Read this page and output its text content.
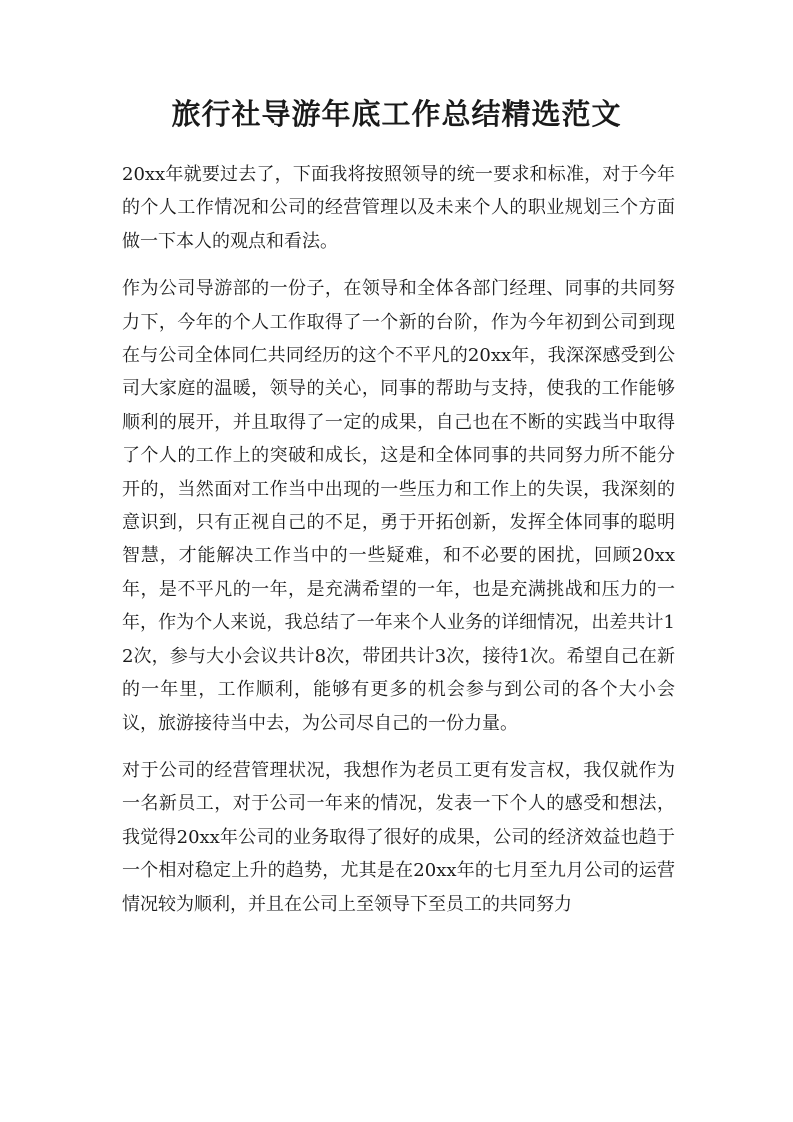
旅行社导游年底工作总结精选范文

20xx年就要过去了，下面我将按照领导的统一要求和标准，对于今年的个人工作情况和公司的经营管理以及未来个人的职业规划三个方面做一下本人的观点和看法。

作为公司导游部的一份子，在领导和全体各部门经理、同事的共同努力下，今年的个人工作取得了一个新的台阶，作为今年初到公司到现在与公司全体同仁共同经历的这个不平凡的20xx年，我深深感受到公司大家庭的温暖，领导的关心，同事的帮助与支持，使我的工作能够顺利的展开，并且取得了一定的成果，自己也在不断的实践当中取得了个人的工作上的突破和成长，这是和全体同事的共同努力所不能分开的，当然面对工作当中出现的一些压力和工作上的失误，我深刻的意识到，只有正视自己的不足，勇于开拓创新，发挥全体同事的聪明智慧，才能解决工作当中的一些疑难，和不必要的困扰，回顾20xx年，是不平凡的一年，是充满希望的一年，也是充满挑战和压力的一年，作为个人来说，我总结了一年来个人业务的详细情况，出差共计12次，参与大小会议共计8次，带团共计3次，接待1次。希望自己在新的一年里，工作顺利，能够有更多的机会参与到公司的各个大小会议，旅游接待当中去，为公司尽自己的一份力量。

对于公司的经营管理状况，我想作为老员工更有发言权，我仅就作为一名新员工，对于公司一年来的情况，发表一下个人的感受和想法，我觉得20xx年公司的业务取得了很好的成果，公司的经济效益也趋于一个相对稳定上升的趋势，尤其是在20xx年的七月至九月公司的运营情况较为顺利，并且在公司上至领导下至员工的共同努力
